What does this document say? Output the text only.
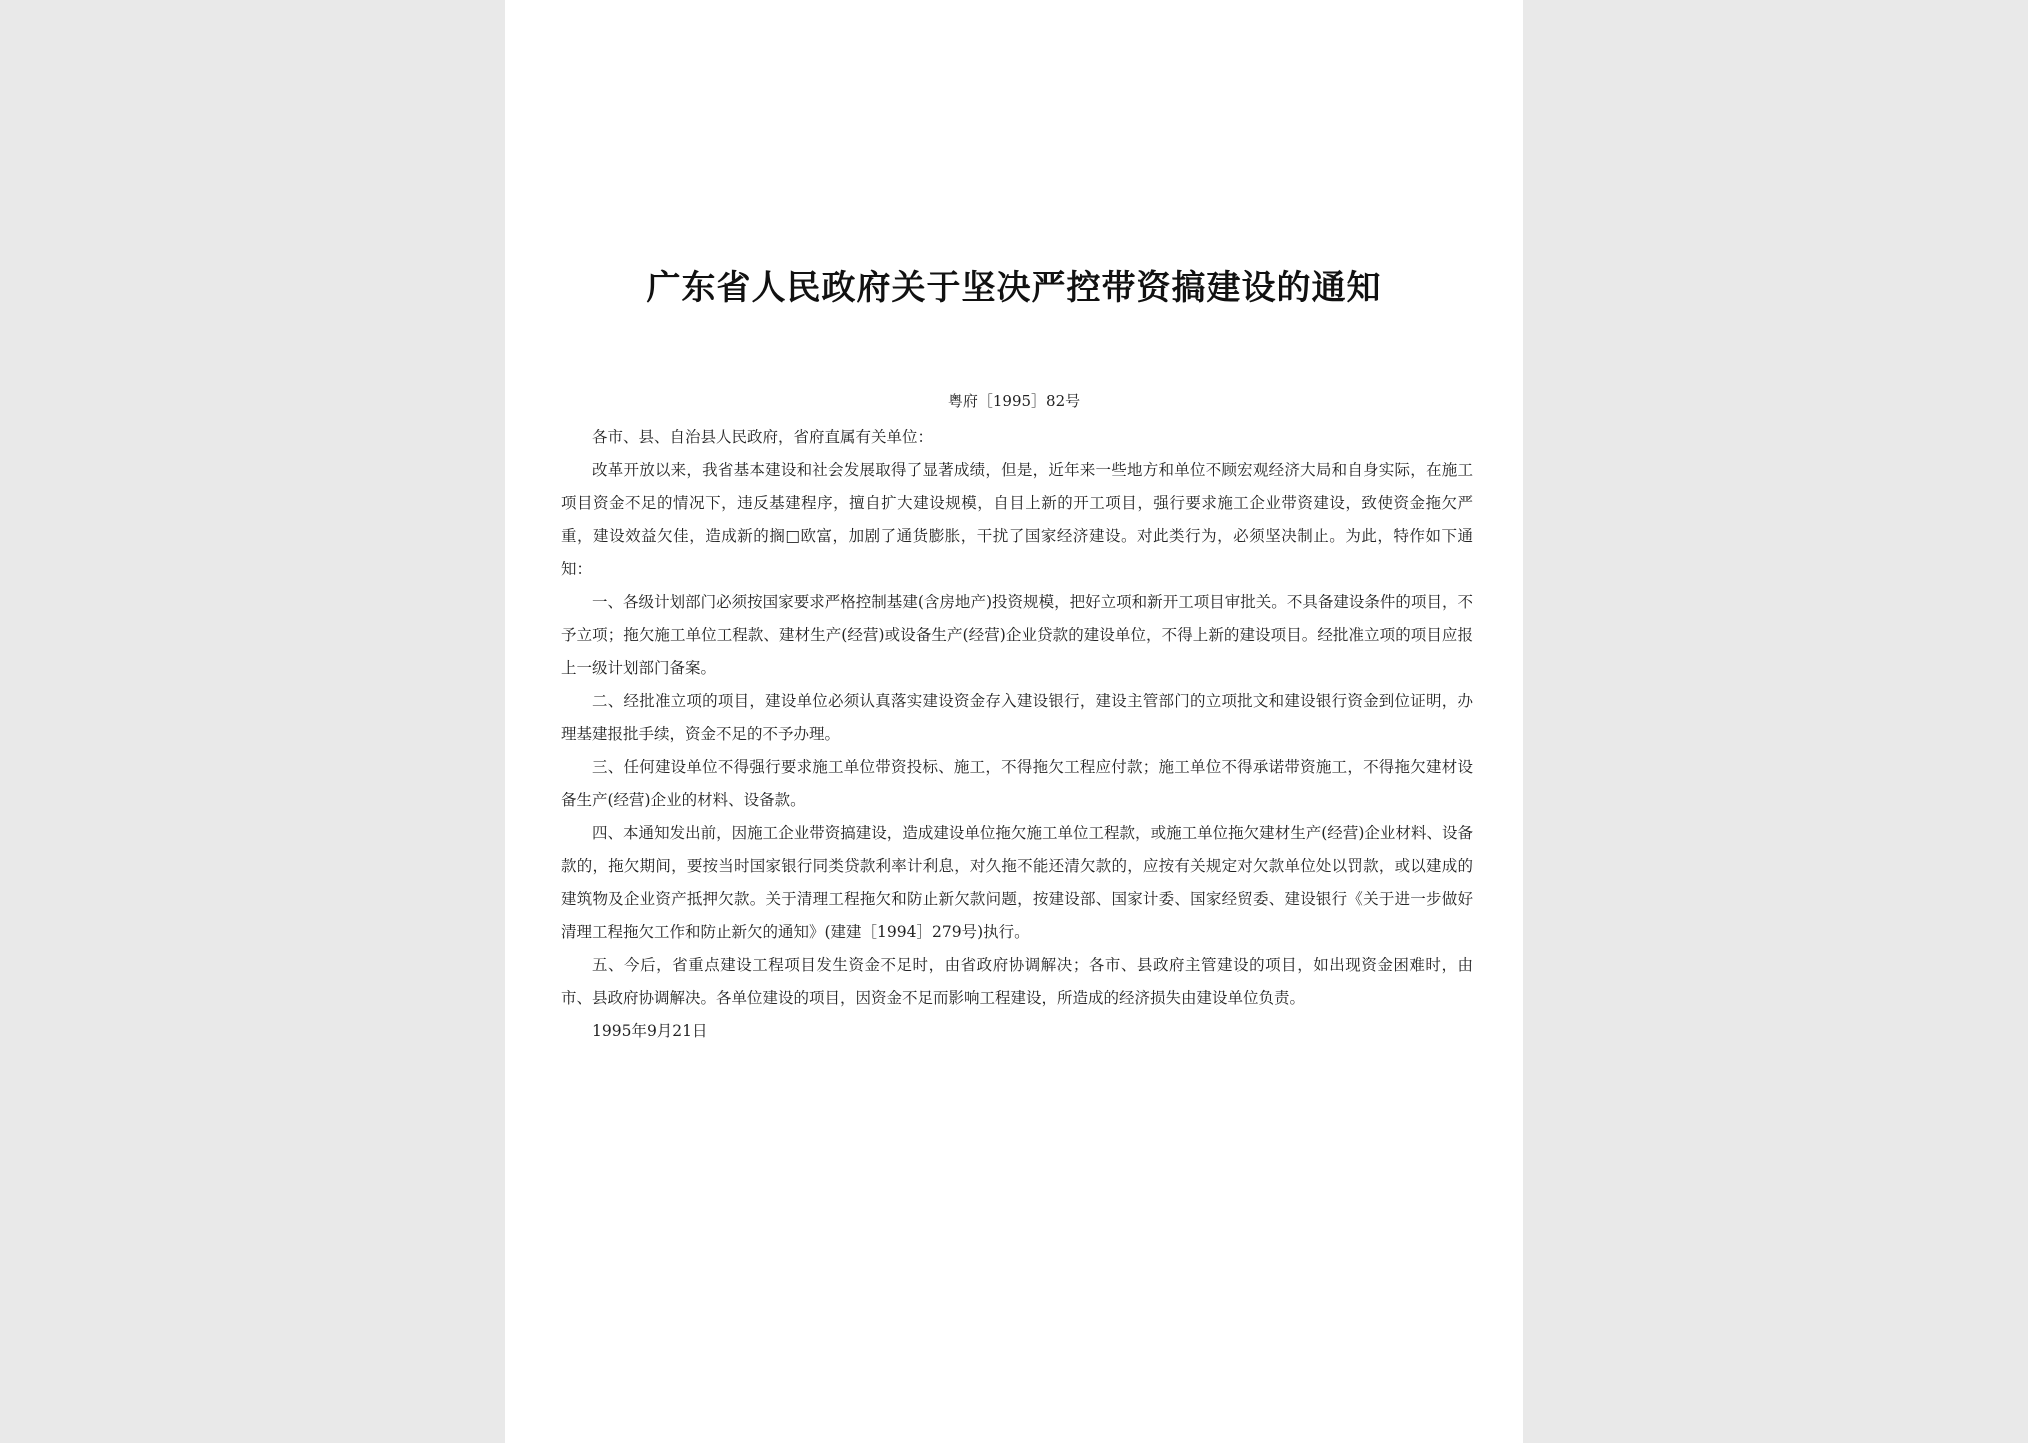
广东省人民政府关于坚决严控带资搞建设的通知
粤府［1995］82号

各市、县、自治县人民政府，省府直属有关单位：

改革开放以来，我省基本建设和社会发展取得了显著成绩，但是，近年来一些地方和单位不顾宏观经济大局和自身实际，在施工项目资金不足的情况下，违反基建程序，擅自扩大建设规模，自目上新的开工项目，强行要求施工企业带资建设，致使资金拖欠严重，建设效益欠佳，造成新的搁□欧富，加剧了通货膨胀，干扰了国家经济建设。对此类行为，必须坚决制止。为此，特作如下通知：

一、各级计划部门必须按国家要求严格控制基建(含房地产)投资规模，把好立项和新开工项目审批关。不具备建设条件的项目，不予立项；拖欠施工单位工程款、建材生产(经营)或设备生产(经营)企业贷款的建设单位，不得上新的建设项目。经批准立项的项目应报上一级计划部门备案。

二、经批准立项的项目，建设单位必须认真落实建设资金存入建设银行，建设主管部门的立项批文和建设银行资金到位证明，办理基建报批手续，资金不足的不予办理。

三、任何建设单位不得强行要求施工单位带资投标、施工，不得拖欠工程应付款；施工单位不得承诺带资施工，不得拖欠建材设备生产(经营)企业的材料、设备款。

四、本通知发出前，因施工企业带资搞建设，造成建设单位拖欠施工单位工程款，或施工单位拖欠建材生产(经营)企业材料、设备款的，拖欠期间，要按当时国家银行同类贷款利率计利息，对久拖不能还清欠款的，应按有关规定对欠款单位处以罚款，或以建成的建筑物及企业资产抵押欠款。关于清理工程拖欠和防止新欠款问题，按建设部、国家计委、国家经贸委、建设银行《关于进一步做好清理工程拖欠工作和防止新欠的通知》(建建［1994］279号)执行。

五、今后，省重点建设工程项目发生资金不足时，由省政府协调解决；各市、县政府主管建设的项目，如出现资金困难时，由市、县政府协调解决。各单位建设的项目，因资金不足而影响工程建设，所造成的经济损失由建设单位负责。

1995年9月21日
